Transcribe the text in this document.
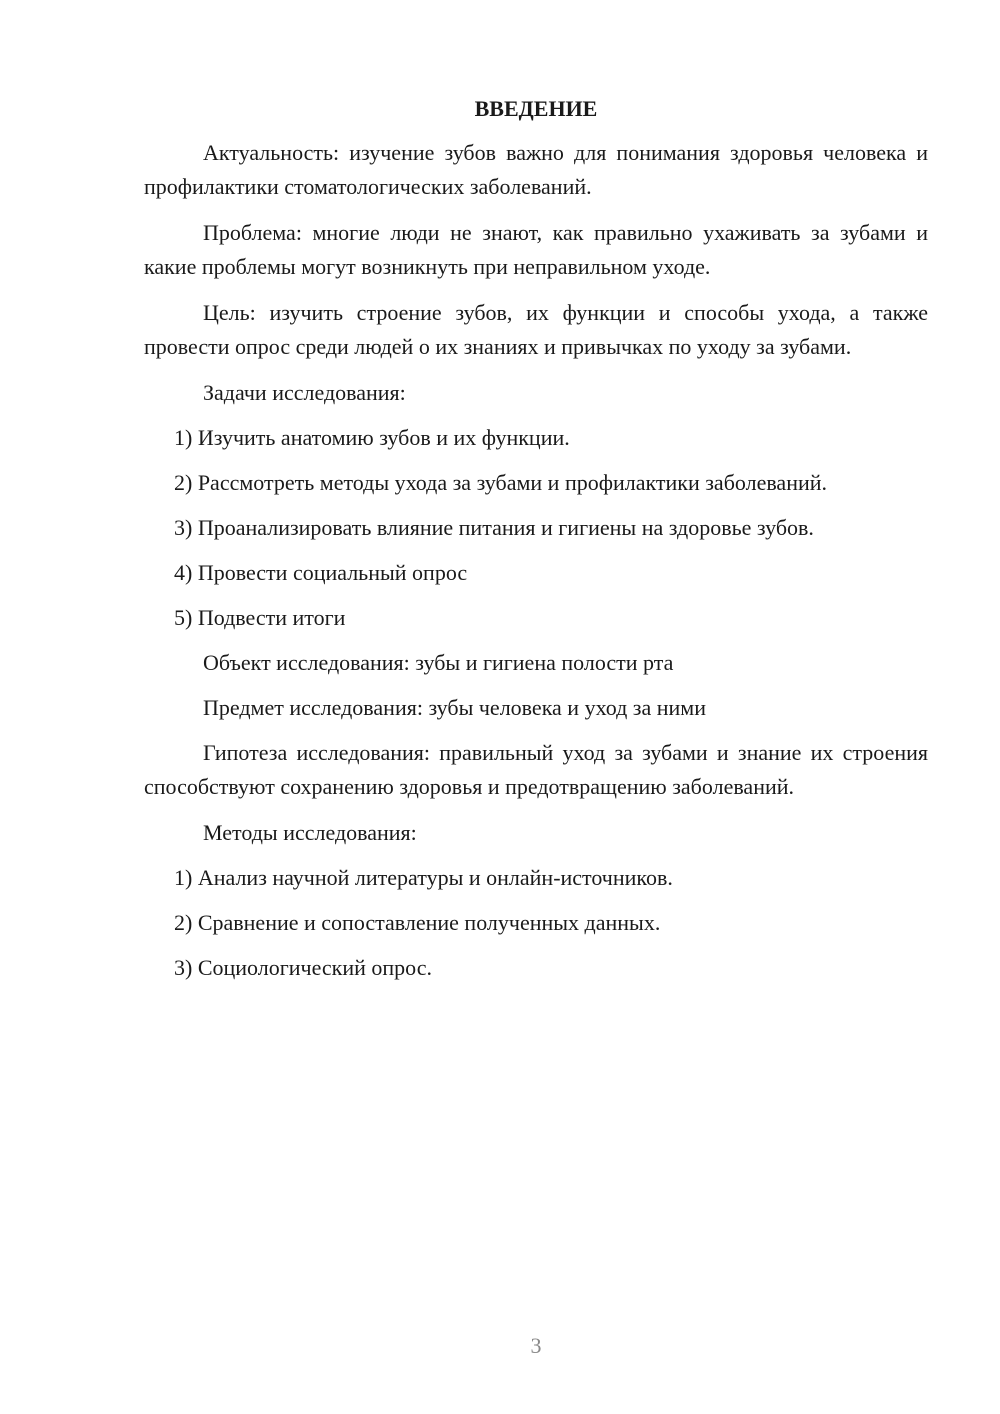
ВВЕДЕНИЕ

Актуальность: изучение зубов важно для понимания здоровья человека и профилактики стоматологических заболеваний.

Проблема: многие люди не знают, как правильно ухаживать за зубами и какие проблемы могут возникнуть при неправильном уходе.

Цель: изучить строение зубов, их функции и способы ухода, а также провести опрос среди людей о их знаниях и привычках по уходу за зубами.

Задачи исследования:
1) Изучить анатомию зубов и их функции.
2) Рассмотреть методы ухода за зубами и профилактики заболеваний.
3) Проанализировать влияние питания и гигиены на здоровье зубов.
4) Провести социальный опрос
5) Подвести итоги
Объект исследования: зубы и гигиена полости рта
Предмет исследования: зубы человека и уход за ними

Гипотеза исследования: правильный уход за зубами и знание их строения способствуют сохранению здоровья и предотвращению заболеваний.

Методы исследования:
1) Анализ научной литературы и онлайн-источников.
2) Сравнение и сопоставление полученных данных.
3) Социологический опрос.
3
